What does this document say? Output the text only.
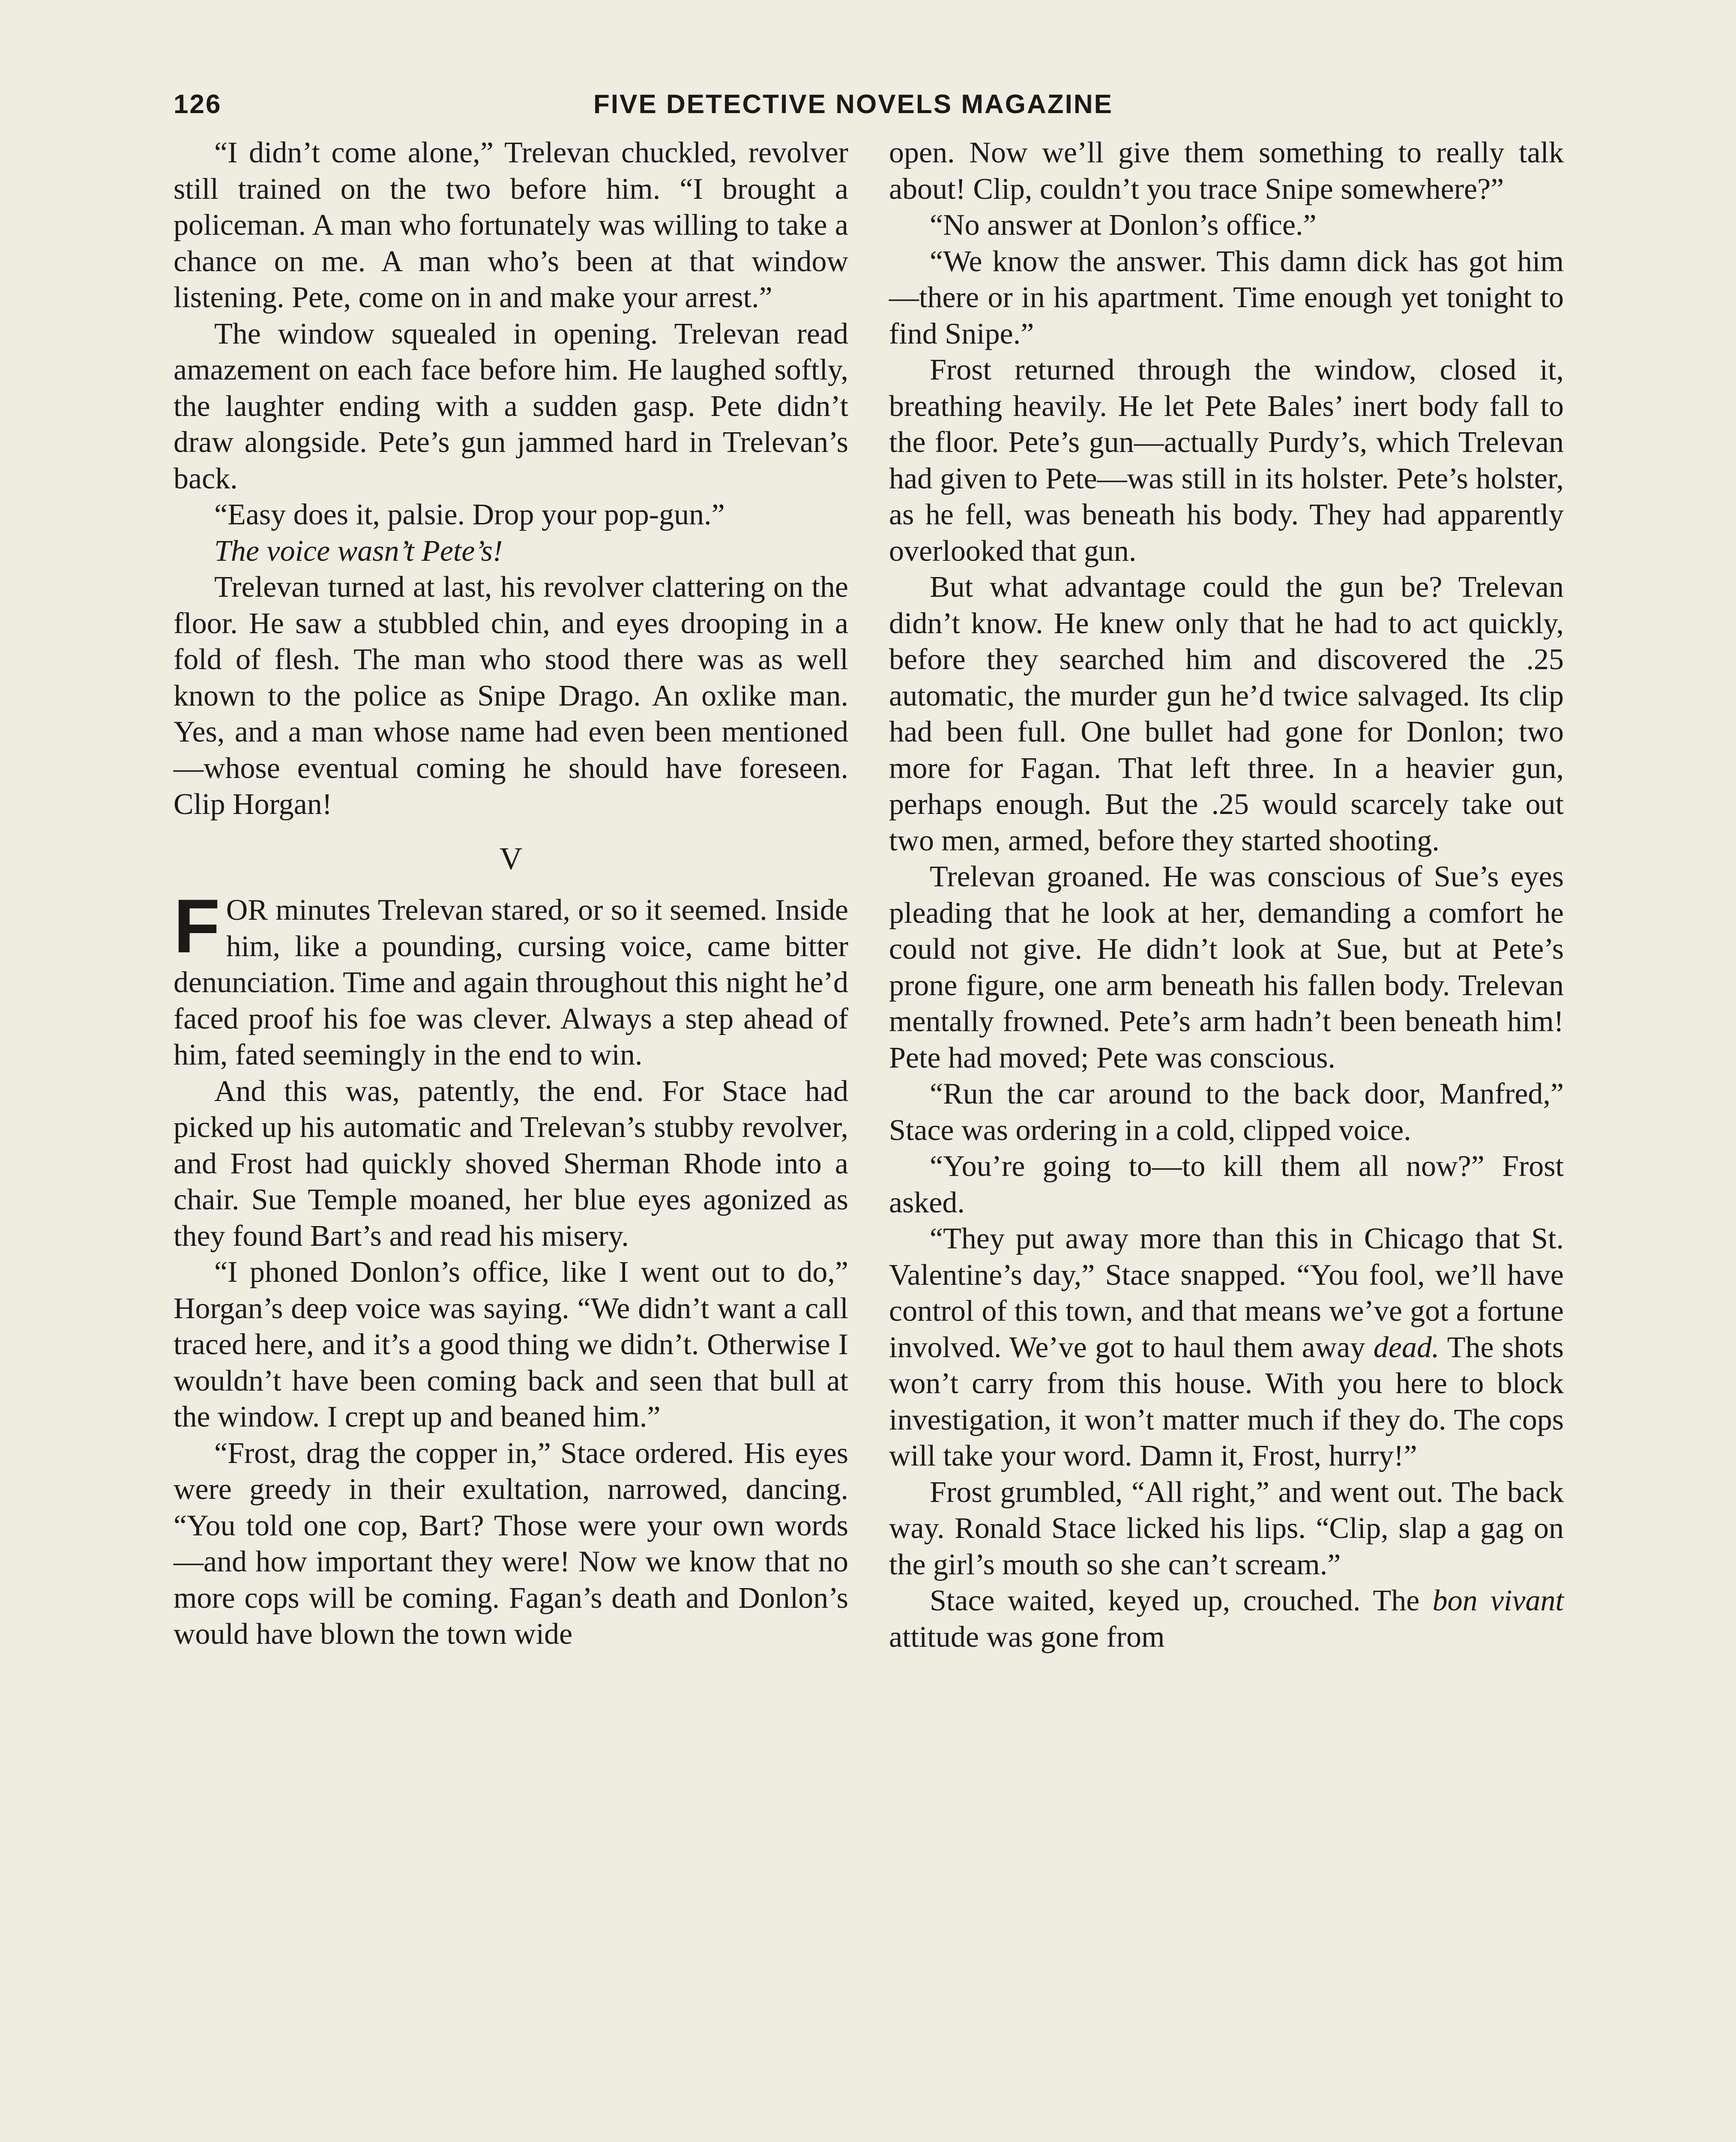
126	FIVE DETECTIVE NOVELS MAGAZINE

“I didn’t come alone,” Trelevan chuckled, revolver still trained on the two before him. “I brought a policeman. A man who fortunately was willing to take a chance on me. A man who’s been at that window listening. Pete, come on in and make your arrest.”

The window squealed in opening. Trelevan read amazement on each face before him. He laughed softly, the laughter ending with a sudden gasp. Pete didn’t draw alongside. Pete’s gun jammed hard in Trelevan’s back.

“Easy does it, palsie. Drop your pop-gun.”

The voice wasn’t Pete’s!

Trelevan turned at last, his revolver clattering on the floor. He saw a stubbled chin, and eyes drooping in a fold of flesh. The man who stood there was as well known to the police as Snipe Drago. An oxlike man. Yes, and a man whose name had even been mentioned—whose eventual coming he should have foreseen. Clip Horgan!

V

FOR minutes Trelevan stared, or so it seemed. Inside him, like a pounding, cursing voice, came bitter denunciation. Time and again throughout this night he’d faced proof his foe was clever. Always a step ahead of him, fated seemingly in the end to win.

And this was, patently, the end. For Stace had picked up his automatic and Trelevan’s stubby revolver, and Frost had quickly shoved Sherman Rhode into a chair. Sue Temple moaned, her blue eyes agonized as they found Bart’s and read his misery.

“I phoned Donlon’s office, like I went out to do,” Horgan’s deep voice was saying. “We didn’t want a call traced here, and it’s a good thing we didn’t. Otherwise I wouldn’t have been coming back and seen that bull at the window. I crept up and beaned him.”

“Frost, drag the copper in,” Stace ordered. His eyes were greedy in their exultation, narrowed, dancing. “You told one cop, Bart? Those were your own words—and how important they were! Now we know that no more cops will be coming. Fagan’s death and Donlon’s would have blown the town wide

open. Now we’ll give them something to really talk about! Clip, couldn’t you trace Snipe somewhere?”

“No answer at Donlon’s office.”

“We know the answer. This damn dick has got him—there or in his apartment. Time enough yet tonight to find Snipe.”

Frost returned through the window, closed it, breathing heavily. He let Pete Bales’ inert body fall to the floor. Pete’s gun—actually Purdy’s, which Trelevan had given to Pete—was still in its holster. Pete’s holster, as he fell, was beneath his body. They had apparently overlooked that gun.

But what advantage could the gun be? Trelevan didn’t know. He knew only that he had to act quickly, before they searched him and discovered the .25 automatic, the murder gun he’d twice salvaged. Its clip had been full. One bullet had gone for Donlon; two more for Fagan. That left three. In a heavier gun, perhaps enough. But the .25 would scarcely take out two men, armed, before they started shooting.

Trelevan groaned. He was conscious of Sue’s eyes pleading that he look at her, demanding a comfort he could not give. He didn’t look at Sue, but at Pete’s prone figure, one arm beneath his fallen body. Trelevan mentally frowned. Pete’s arm hadn’t been beneath him! Pete had moved; Pete was conscious.

“Run the car around to the back door, Manfred,” Stace was ordering in a cold, clipped voice.

“You’re going to—to kill them all now?” Frost asked.

“They put away more than this in Chicago that St. Valentine’s day,” Stace snapped. “You fool, we’ll have control of this town, and that means we’ve got a fortune involved. We’ve got to haul them away dead. The shots won’t carry from this house. With you here to block investigation, it won’t matter much if they do. The cops will take your word. Damn it, Frost, hurry!”

Frost grumbled, “All right,” and went out. The back way. Ronald Stace licked his lips. “Clip, slap a gag on the girl’s mouth so she can’t scream.”

Stace waited, keyed up, crouched. The bon vivant attitude was gone from
